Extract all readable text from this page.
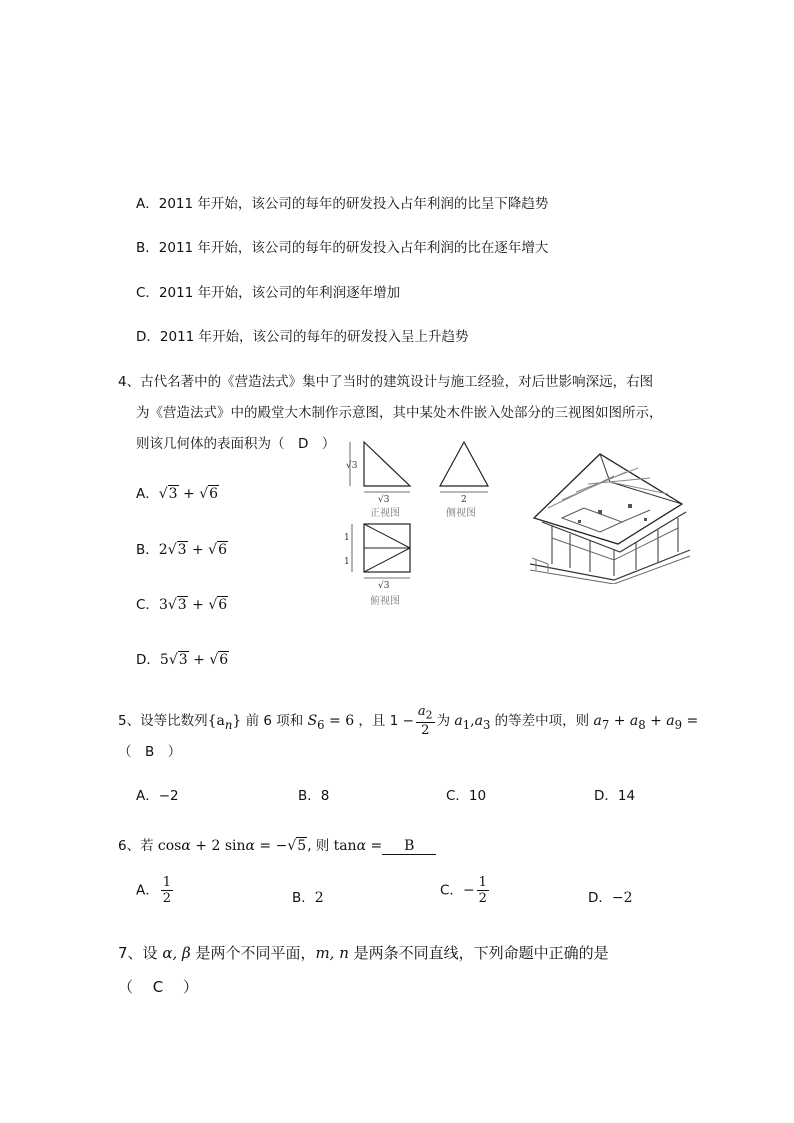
A．2011 年开始，该公司的每年的研发投入占年利润的比呈下降趋势
B．2011 年开始，该公司的每年的研发投入占年利润的比在逐年增大
C．2011 年开始，该公司的年利润逐年增加
D．2011 年开始，该公司的每年的研发投入呈上升趋势
4、古代名著中的《营造法式》集中了当时的建筑设计与施工经验，对后世影响深远，右图
为《营造法式》中的殿堂大木制作示意图，其中某处木件嵌入处部分的三视图如图所示，
则该几何体的表面积为（　D　）
A．√3 + √6
B．2√3 + √6
C．3√3 + √6
D．5√3 + √6
√3
√3
正视图
2
侧视图
1
1
√3
俯视图
5、设等比数列$\{a_n\}$ 前 6 项和 $S_6 = 6$ ，且 $1 - \frac{a_2}{2}$ 为 $a_1,a_3$ 的等差中项，则 $a_7 + a_8 + a_9$ =
（　B　）
A．−2	B．8	C．10	D．14
6、若 cosα + 2 sinα = −√5, 则 tanα = B
A． $\frac{1}{2}$	B．2	C．− $\frac{1}{2}$	D．−2
7、设 α, β 是两个不同平面，m, n 是两条不同直线，下列命题中正确的是
（　 C　 ）
